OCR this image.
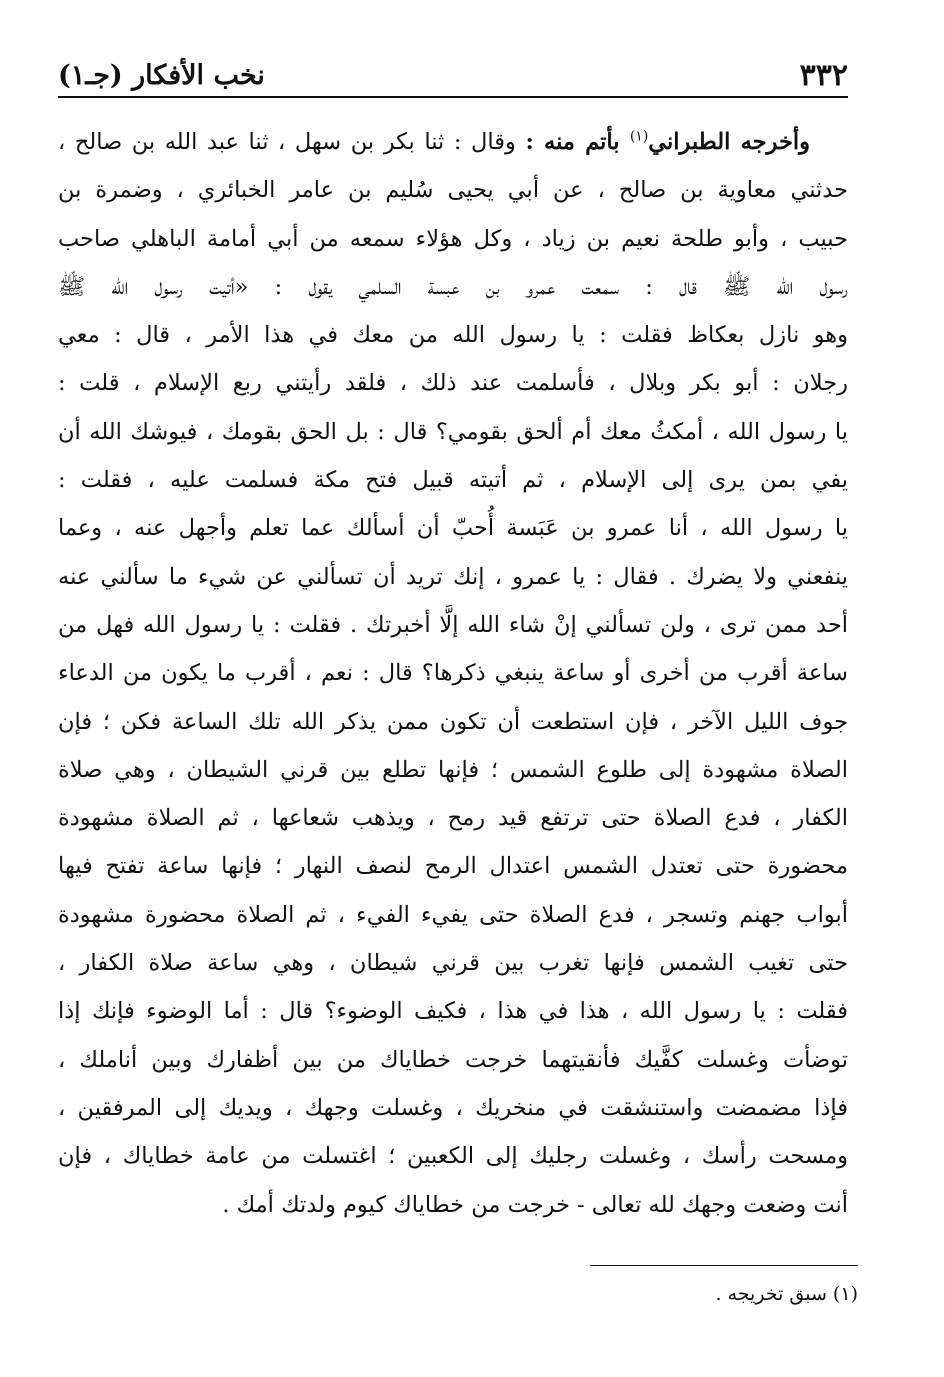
٣٣٢
نخب الأفكار (جـ١)
وأخرجه الطبراني$^{(١)}$ بأتم منه : وقال : ثنا بكر بن سهل ، ثنا عبد الله بن صالح ،
حدثني معاوية بن صالح ، عن أبي يحيى سُليم بن عامر الخبائري ، وضمرة بن
حبيب ، وأبو طلحة نعيم بن زياد ، وكل هؤلاء سمعه من أبي أمامة الباهلي صاحب
رسول الله ﷺ قال : سمعت عمرو بن عبسة السلمي يقول : «أتيت رسول الله ﷺ
وهو نازل بعكاظ فقلت : يا رسول الله من معك في هذا الأمر ، قال : معي
رجلان : أبو بكر وبلال ، فأسلمت عند ذلك ، فلقد رأيتني ربع الإسلام ، قلت :
يا رسول الله ، أمكثُ معك أم ألحق بقومي؟ قال : بل الحق بقومك ، فيوشك الله أن
يفي بمن يرى إلى الإسلام ، ثم أتيته قبيل فتح مكة فسلمت عليه ، فقلت :
يا رسول الله ، أنا عمرو بن عَبَسة أُحبّ أن أسألك عما تعلم وأجهل عنه ، وعما
ينفعني ولا يضرك . فقال : يا عمرو ، إنك تريد أن تسألني عن شيء ما سألني عنه
أحد ممن ترى ، ولن تسألني إنْ شاء الله إلَّا أخبرتك . فقلت : يا رسول الله فهل من
ساعة أقرب من أخرى أو ساعة ينبغي ذكرها؟ قال : نعم ، أقرب ما يكون من الدعاء
جوف الليل الآخر ، فإن استطعت أن تكون ممن يذكر الله تلك الساعة فكن ؛ فإن
الصلاة مشهودة إلى طلوع الشمس ؛ فإنها تطلع بين قرني الشيطان ، وهي صلاة
الكفار ، فدع الصلاة حتى ترتفع قيد رمح ، ويذهب شعاعها ، ثم الصلاة مشهودة
محضورة حتى تعتدل الشمس اعتدال الرمح لنصف النهار ؛ فإنها ساعة تفتح فيها
أبواب جهنم وتسجر ، فدع الصلاة حتى يفيء الفيء ، ثم الصلاة محضورة مشهودة
حتى تغيب الشمس فإنها تغرب بين قرني شيطان ، وهي ساعة صلاة الكفار ،
فقلت : يا رسول الله ، هذا في هذا ، فكيف الوضوء؟ قال : أما الوضوء فإنك إذا
توضأت وغسلت كفَّيك فأنقيتهما خرجت خطاياك من بين أظفارك وبين أناملك ،
فإذا مضمضت واستنشقت في منخريك ، وغسلت وجهك ، ويديك إلى المرفقين ،
ومسحت رأسك ، وغسلت رجليك إلى الكعبين ؛ اغتسلت من عامة خطاياك ، فإن
أنت وضعت وجهك لله تعالى - خرجت من خطاياك كيوم ولدتك أمك .
(١) سبق تخريجه .
